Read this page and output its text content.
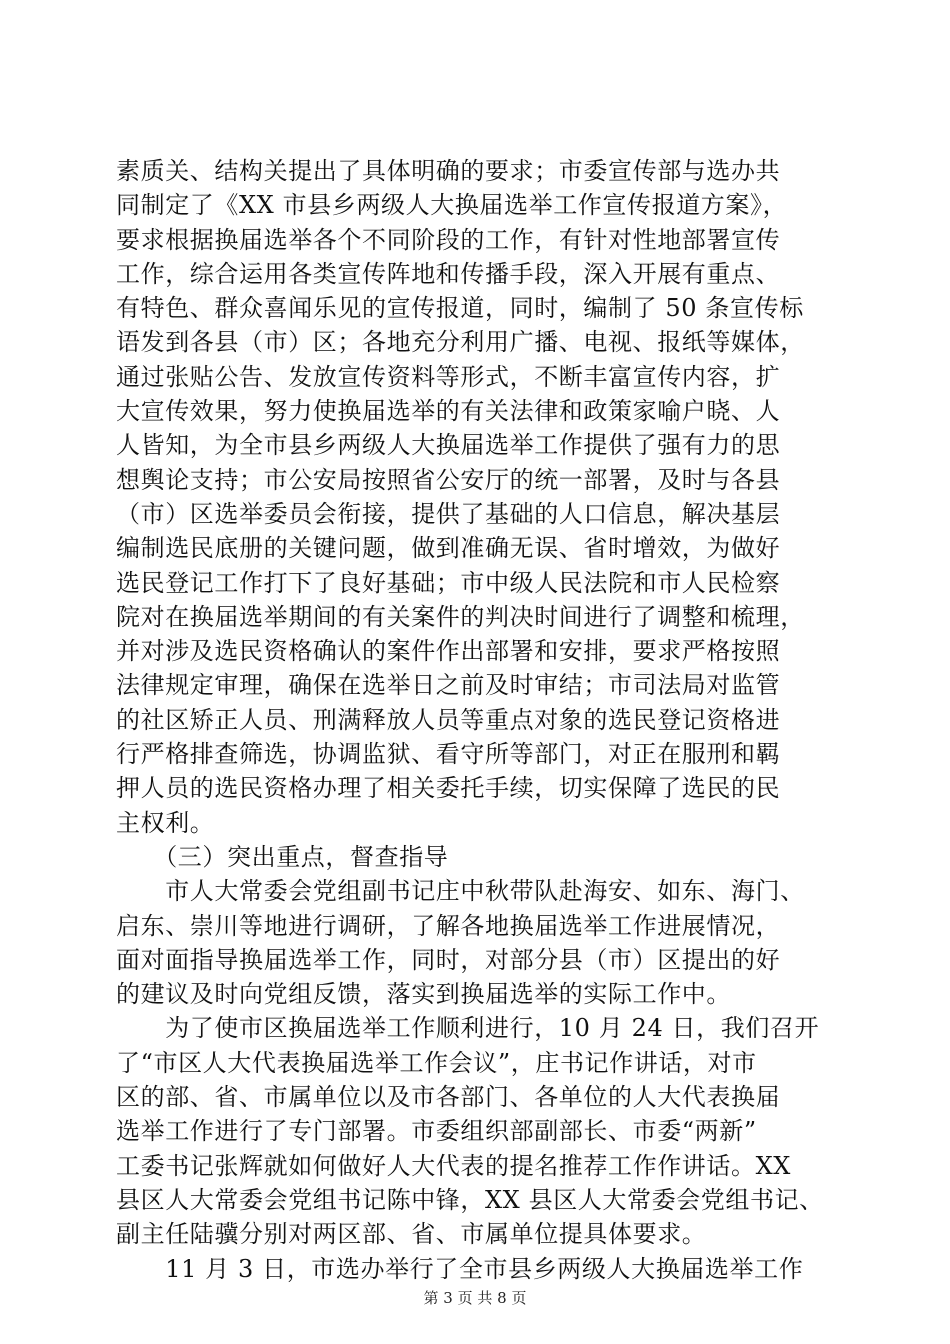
素质关、结构关提出了具体明确的要求；市委宣传部与选办共
同制定了《XX 市县乡两级人大换届选举工作宣传报道方案》，
要求根据换届选举各个不同阶段的工作，有针对性地部署宣传
工作，综合运用各类宣传阵地和传播手段，深入开展有重点、
有特色、群众喜闻乐见的宣传报道，同时，编制了 50 条宣传标
语发到各县（市）区；各地充分利用广播、电视、报纸等媒体，
通过张贴公告、发放宣传资料等形式，不断丰富宣传内容，扩
大宣传效果，努力使换届选举的有关法律和政策家喻户晓、人
人皆知，为全市县乡两级人大换届选举工作提供了强有力的思
想舆论支持；市公安局按照省公安厅的统一部署，及时与各县
（市）区选举委员会衔接，提供了基础的人口信息，解决基层
编制选民底册的关键问题，做到准确无误、省时增效，为做好
选民登记工作打下了良好基础；市中级人民法院和市人民检察
院对在换届选举期间的有关案件的判决时间进行了调整和梳理，
并对涉及选民资格确认的案件作出部署和安排，要求严格按照
法律规定审理，确保在选举日之前及时审结；市司法局对监管
的社区矫正人员、刑满释放人员等重点对象的选民登记资格进
行严格排查筛选，协调监狱、看守所等部门，对正在服刑和羁
押人员的选民资格办理了相关委托手续，切实保障了选民的民
主权利。
　　（三）突出重点，督查指导
　　市人大常委会党组副书记庄中秋带队赴海安、如东、海门、
启东、崇川等地进行调研，了解各地换届选举工作进展情况，
面对面指导换届选举工作，同时，对部分县（市）区提出的好
的建议及时向党组反馈，落实到换届选举的实际工作中。
　　为了使市区换届选举工作顺利进行，10 月 24 日，我们召开
了“市区人大代表换届选举工作会议”，庄书记作讲话，对市
区的部、省、市属单位以及市各部门、各单位的人大代表换届
选举工作进行了专门部署。市委组织部副部长、市委“两新”
工委书记张辉就如何做好人大代表的提名推荐工作作讲话。XX
县区人大常委会党组书记陈中锋，XX 县区人大常委会党组书记、
副主任陆骥分别对两区部、省、市属单位提具体要求。
　　11 月 3 日，市选办举行了全市县乡两级人大换届选举工作
第 3 页 共 8 页
